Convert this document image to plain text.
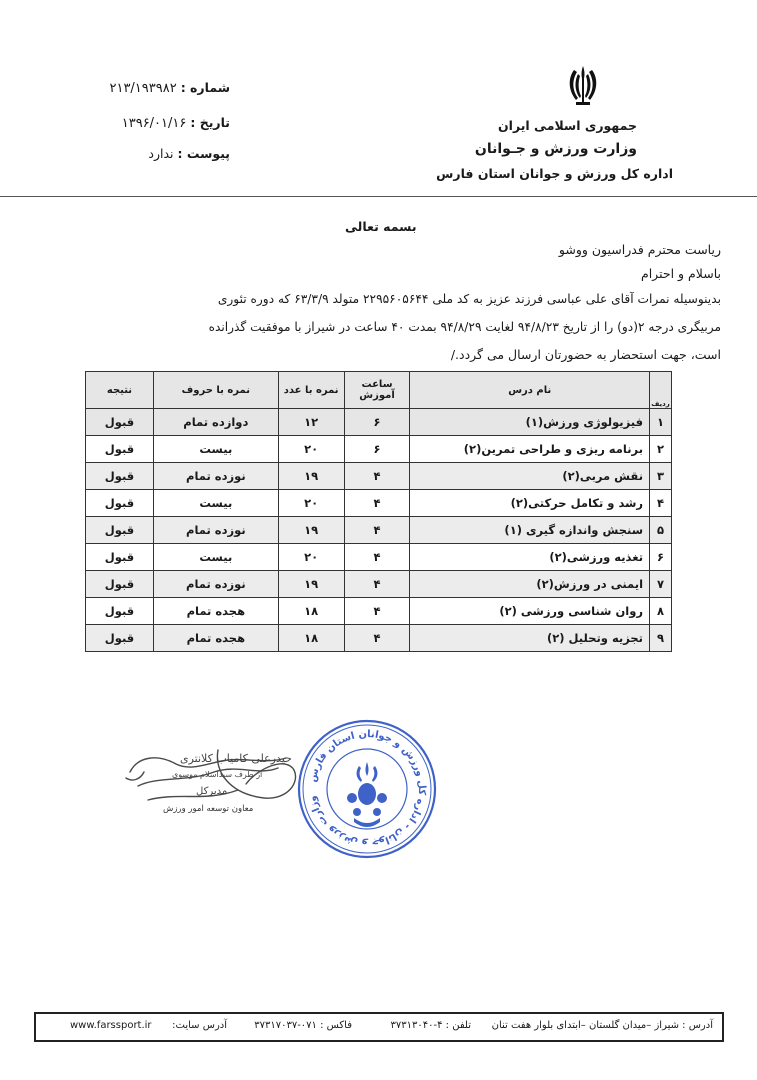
جمهوری اسلامی ایران
وزارت ورزش و جـوانان
اداره کل ورزش و جوانان استان فارس
شماره : ۲۱۳/۱۹۳۹۸۲
تاریخ : ۱۳۹۶/۰۱/۱۶
پیوست : ندارد
بسمه تعالی
ریاست محترم فدراسیون ووشو
باسلام و احترام
بدینوسیله نمرات آقای علی عباسی فرزند عزیز به کد ملی ۲۲۹۵۶۰۵۶۴۴ متولد ۶۳/۳/۹ که دوره تئوری
مربیگری درجه ۲(دو) را از تاریخ ۹۴/۸/۲۳ لغایت ۹۴/۸/۲۹ بمدت ۴۰ ساعت در شیراز با موفقیت گذرانده
است، جهت استحضار به حضورتان ارسال می گردد./
ردیف	نام درس	ساعت آموزش	نمره با عدد	نمره با حروف	نتیجه
۱	فیزیولوژی ورزش(۱)	۶	۱۲	دوازده تمام	قبول
۲	برنامه ریزی و طراحی تمرین(۲)	۶	۲۰	بیست	قبول
۳	نقش مربی(۲)	۴	۱۹	نوزده تمام	قبول
۴	رشد و تکامل حرکتی(۲)	۴	۲۰	بیست	قبول
۵	سنجش واندازه گیری (۱)	۴	۱۹	نوزده تمام	قبول
۶	تغذیه ورزشی(۲)	۴	۲۰	بیست	قبول
۷	ایمنی در ورزش(۲)	۴	۱۹	نوزده تمام	قبول
۸	روان شناسی ورزشی (۲)	۴	۱۸	هجده تمام	قبول
۹	تجزیه وتحلیل (۲)	۴	۱۸	هجده تمام	قبول
حیدرعلی کامیاب کلانتری
از طرف سیداسلام موسوی
مدیرکل
معاون توسعه امور ورزش
وزارت ورزش و جوانان - اداره کل ورزش و جوانان استان فارس
آدرس : شیراز –میدان گلستان –ابتدای بلوار هفت تنان
تلفن : ۴-۳۷۳۱۳۰۴۰
فاکس : ۰۷۱-۳۷۳۱۷۰۳۷
آدرس سایت:
www.farssport.ir
